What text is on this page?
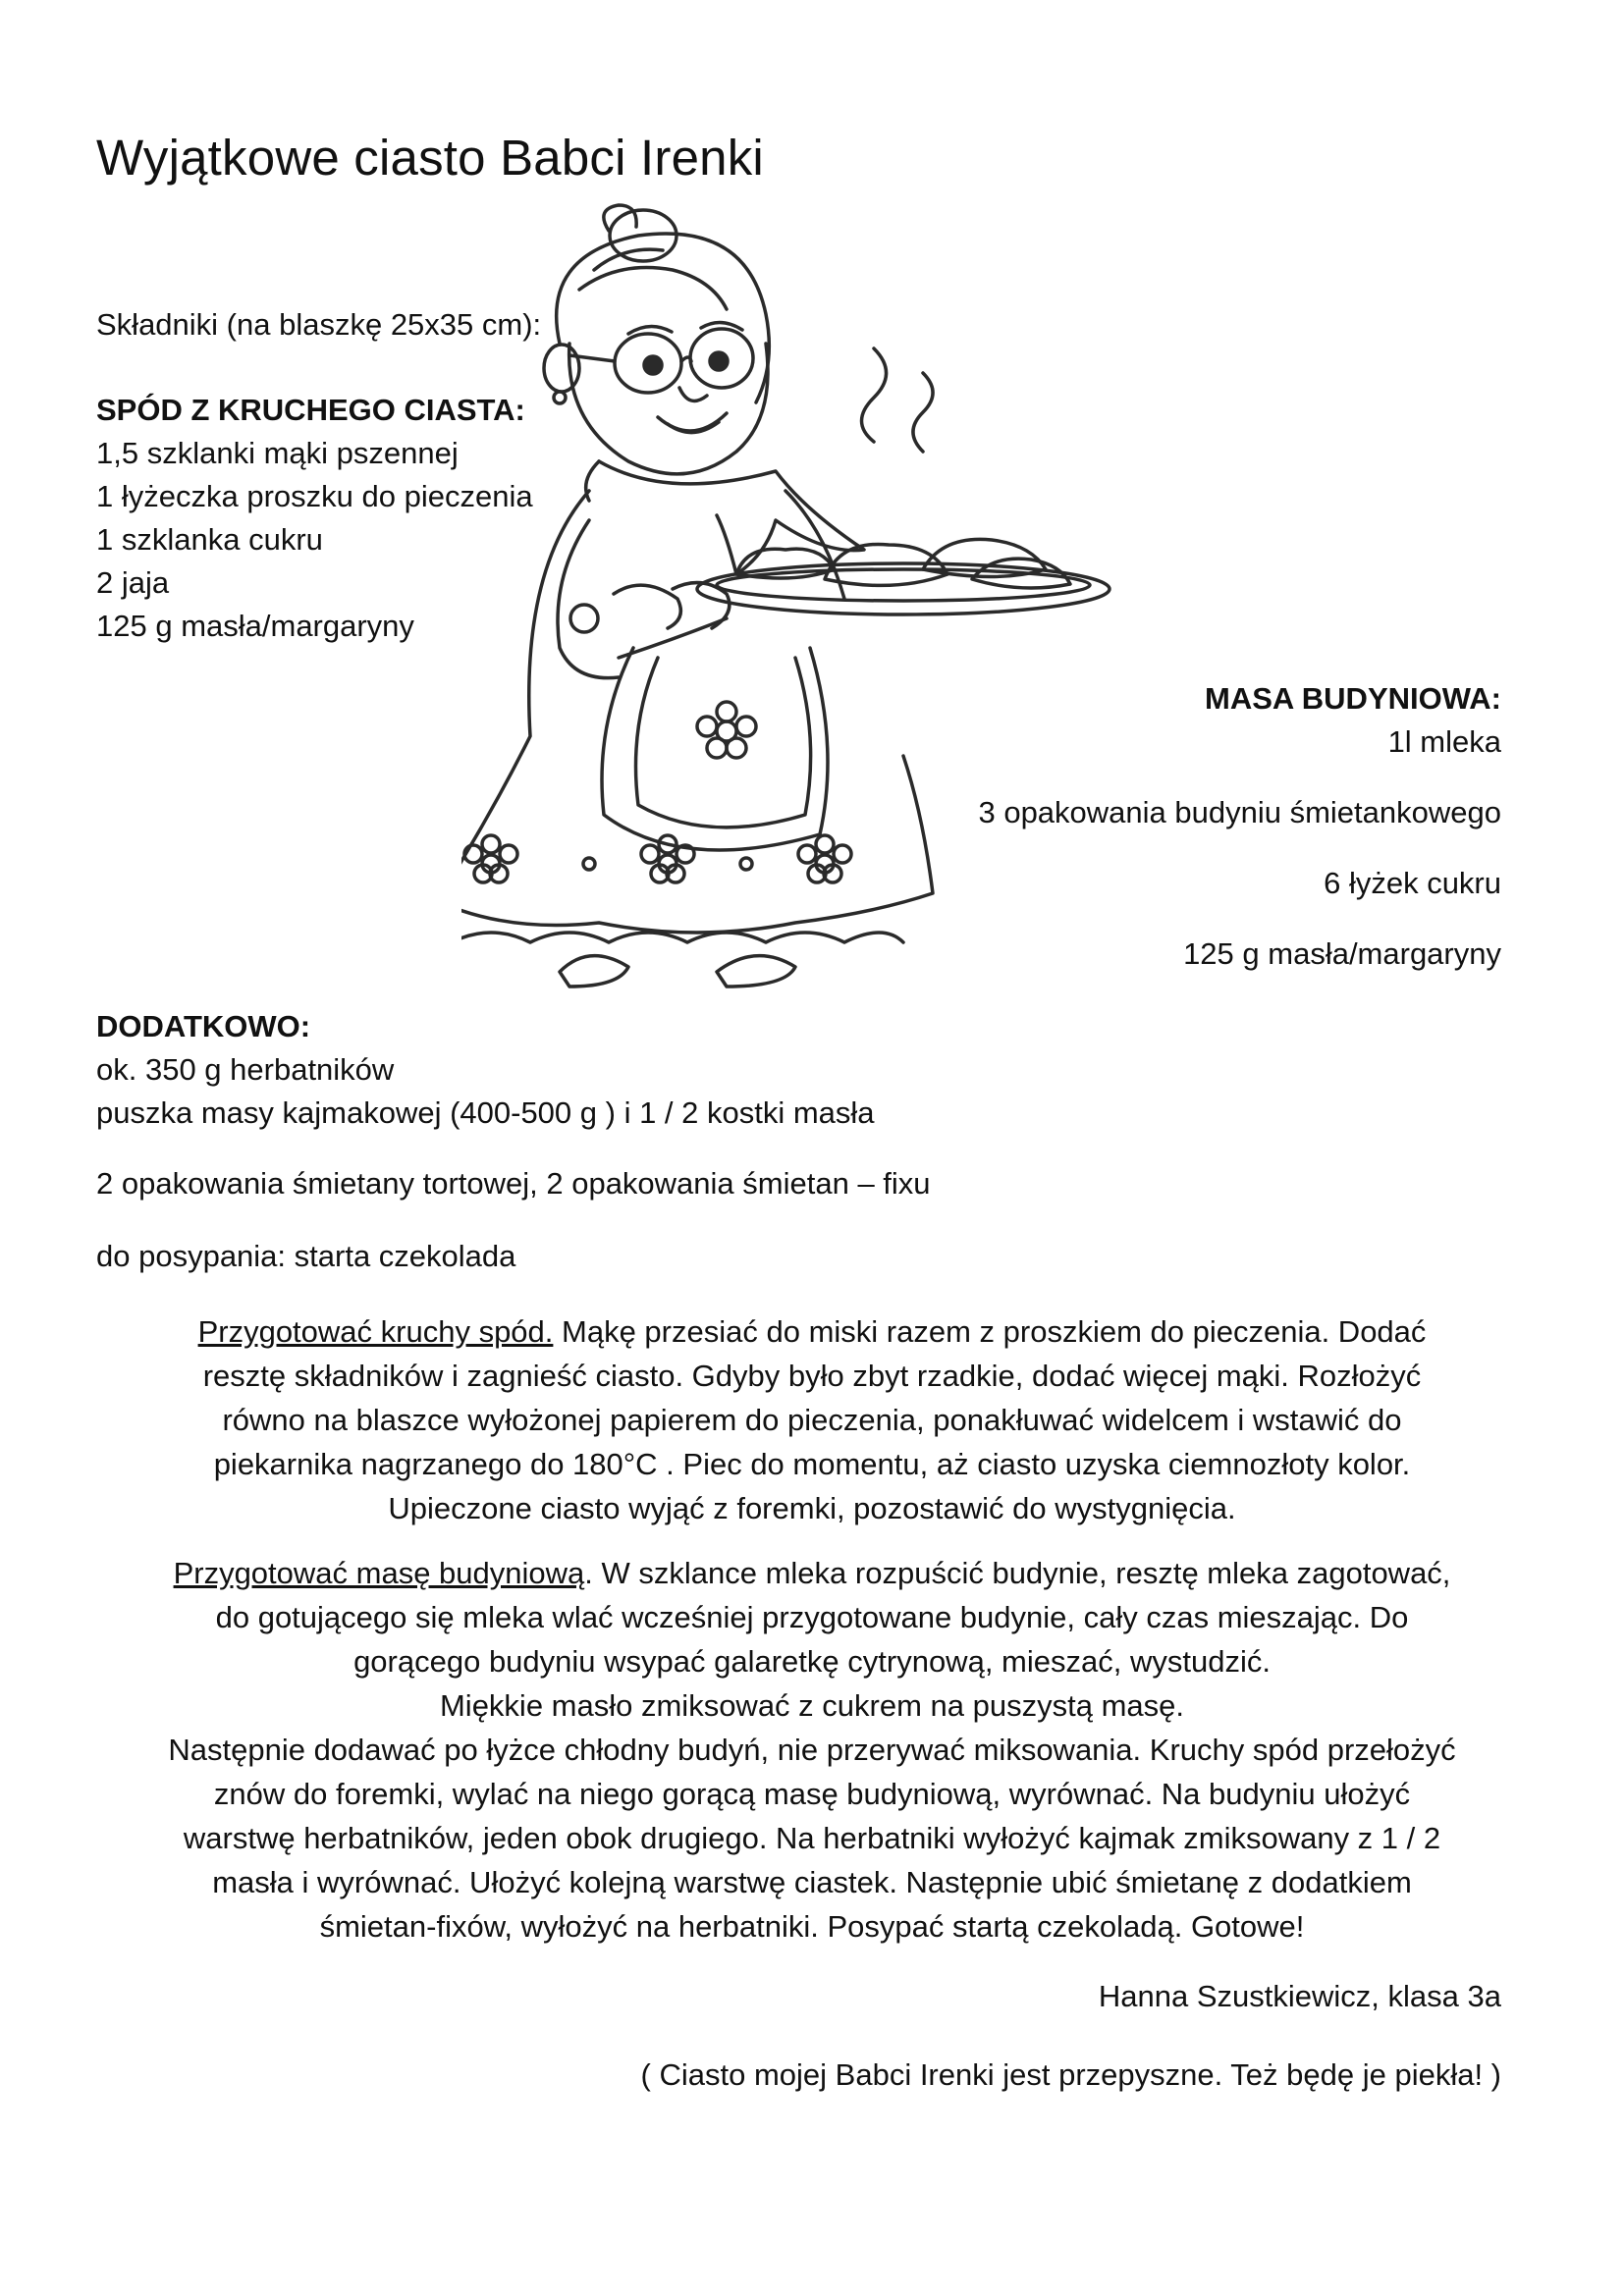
Wyjątkowe ciasto Babci Irenki
Składniki (na blaszkę 25x35 cm):
SPÓD Z KRUCHEGO CIASTA:
1,5 szklanki mąki pszennej
1 łyżeczka proszku do pieczenia
1 szklanka cukru
2 jaja
125 g masła/margaryny
MASA BUDYNIOWA:
1l mleka
3 opakowania budyniu śmietankowego
6 łyżek cukru
125 g masła/margaryny
DODATKOWO:
ok. 350 g herbatników
puszka masy kajmakowej (400-500 g ) i 1 / 2 kostki masła
2 opakowania śmietany tortowej, 2 opakowania śmietan – fixu
do posypania: starta czekolada
Przygotować kruchy spód. Mąkę przesiać do miski razem z proszkiem do pieczenia. Dodać
resztę składników i zagnieść ciasto. Gdyby było zbyt rzadkie, dodać więcej mąki. Rozłożyć
równo na blaszce wyłożonej papierem do pieczenia, ponakłuwać widelcem i wstawić do
piekarnika nagrzanego do 180°C . Piec do momentu, aż ciasto uzyska ciemnozłoty kolor.
Upieczone ciasto wyjąć z foremki, pozostawić do wystygnięcia.
Przygotować masę budyniową. W szklance mleka rozpuścić budynie, resztę mleka zagotować,
do gotującego się mleka wlać wcześniej przygotowane budynie, cały czas mieszając. Do
gorącego budyniu wsypać galaretkę cytrynową, mieszać, wystudzić.
Miękkie masło zmiksować z cukrem na puszystą masę.
Następnie dodawać po łyżce chłodny budyń, nie przerywać miksowania. Kruchy spód przełożyć
znów do foremki, wylać na niego gorącą masę budyniową, wyrównać. Na budyniu ułożyć
warstwę herbatników, jeden obok drugiego. Na herbatniki wyłożyć kajmak zmiksowany z 1 / 2
masła i wyrównać. Ułożyć kolejną warstwę ciastek. Następnie ubić śmietanę z dodatkiem
śmietan-fixów, wyłożyć na herbatniki. Posypać startą czekoladą. Gotowe!
Hanna Szustkiewicz, klasa 3a
( Ciasto mojej Babci Irenki jest przepyszne. Też będę je piekła! )
